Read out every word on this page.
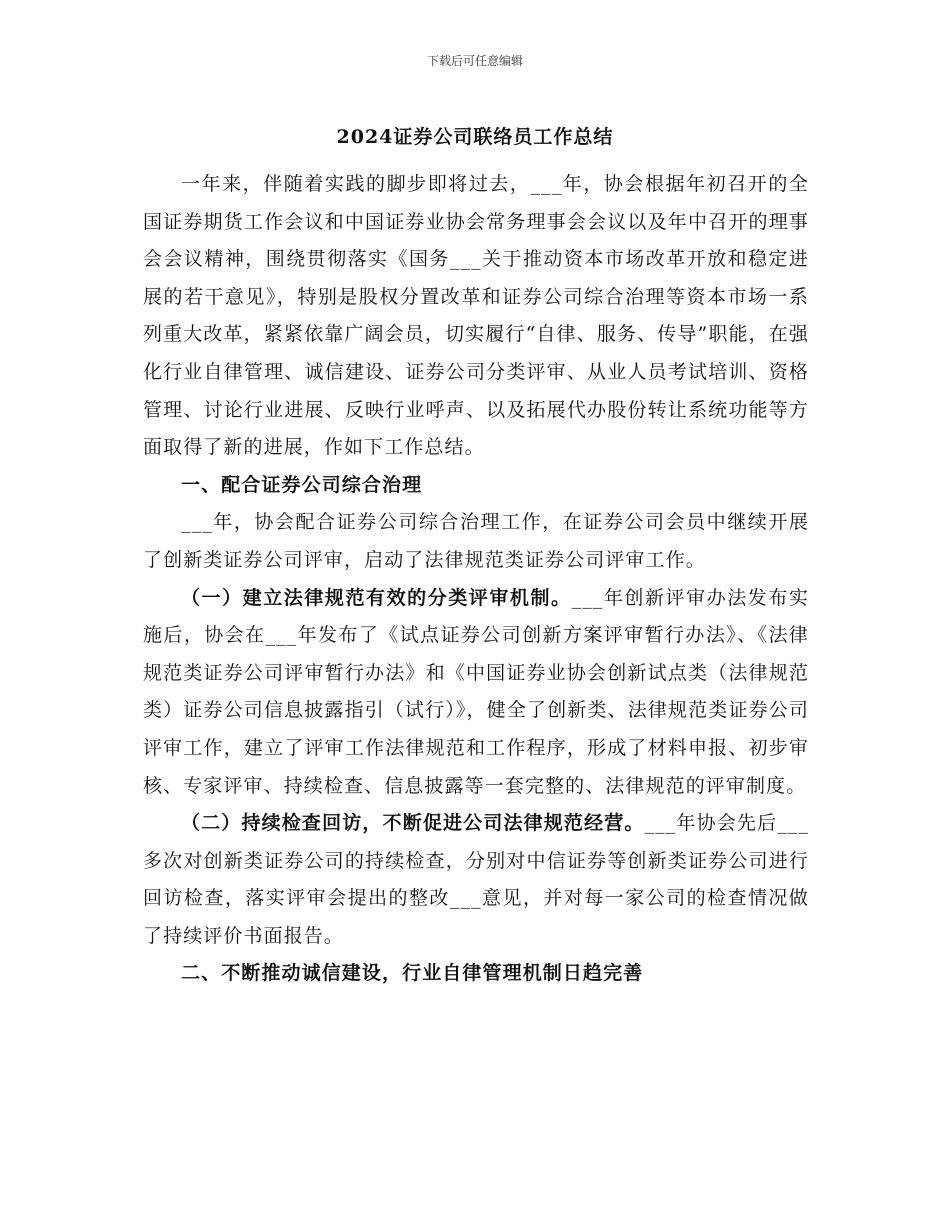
下载后可任意编辑
2024证券公司联络员工作总结

一年来，伴随着实践的脚步即将过去，___年，协会根据年初召开的全国证券期货工作会议和中国证券业协会常务理事会会议以及年中召开的理事会会议精神，围绕贯彻落实《国务___关于推动资本市场改革开放和稳定进展的若干意见》，特别是股权分置改革和证券公司综合治理等资本市场一系列重大改革，紧紧依靠广阔会员，切实履行“自律、服务、传导”职能，在强化行业自律管理、诚信建设、证券公司分类评审、从业人员考试培训、资格管理、讨论行业进展、反映行业呼声、以及拓展代办股份转让系统功能等方面取得了新的进展，作如下工作总结。

一、配合证券公司综合治理

___年，协会配合证券公司综合治理工作，在证券公司会员中继续开展了创新类证券公司评审，启动了法律规范类证券公司评审工作。

（一）建立法律规范有效的分类评审机制。___年创新评审办法发布实施后，协会在___年发布了《试点证券公司创新方案评审暂行办法》、《法律规范类证券公司评审暂行办法》和《中国证券业协会创新试点类（法律规范类）证券公司信息披露指引（试行）》，健全了创新类、法律规范类证券公司评审工作，建立了评审工作法律规范和工作程序，形成了材料申报、初步审核、专家评审、持续检查、信息披露等一套完整的、法律规范的评审制度。

（二）持续检查回访，不断促进公司法律规范经营。___年协会先后___多次对创新类证券公司的持续检查，分别对中信证券等创新类证券公司进行回访检查，落实评审会提出的整改___意见，并对每一家公司的检查情况做了持续评价书面报告。

二、不断推动诚信建设，行业自律管理机制日趋完善
